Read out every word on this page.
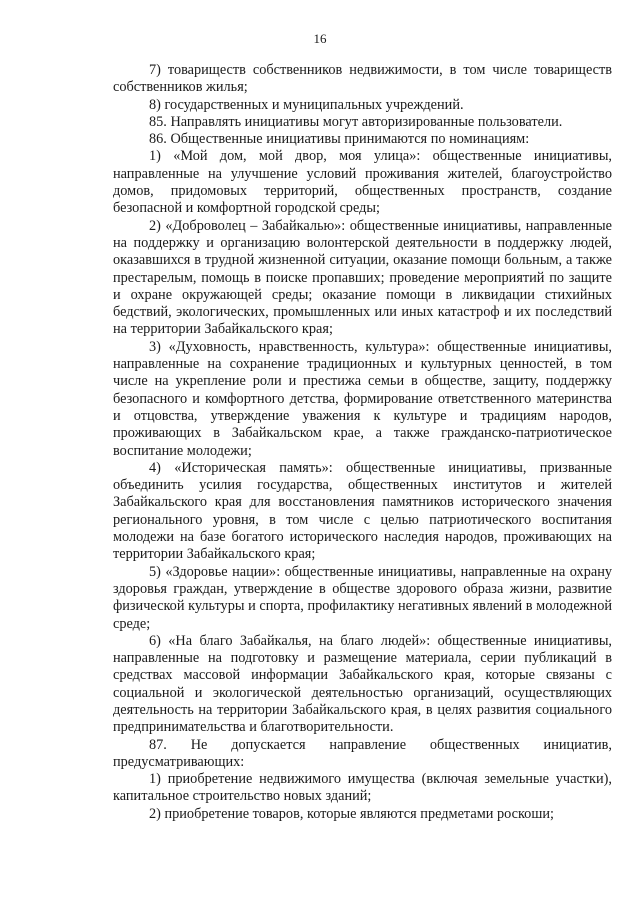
16

7) товариществ собственников недвижимости, в том числе товариществ собственников жилья;

8) государственных и муниципальных учреждений.

85. Направлять инициативы могут авторизированные пользователи.

86. Общественные инициативы принимаются по номинациям:

1) «Мой дом, мой двор, моя улица»: общественные инициативы, направленные на улучшение условий проживания жителей, благоустройство домов, придомовых территорий, общественных пространств, создание безопасной и комфортной городской среды;

2) «Доброволец – Забайкалью»: общественные инициативы, направленные на поддержку и организацию волонтерской деятельности в поддержку людей, оказавшихся в трудной жизненной ситуации, оказание помощи больным, а также престарелым, помощь в поиске пропавших; проведение мероприятий по защите и охране окружающей среды; оказание помощи в ликвидации стихийных бедствий, экологических, промышленных или иных катастроф и их последствий на территории Забайкальского края;

3) «Духовность, нравственность, культура»: общественные инициативы, направленные на сохранение традиционных и культурных ценностей, в том числе на укрепление роли и престижа семьи в обществе, защиту, поддержку безопасного и комфортного детства, формирование ответственного материнства и отцовства, утверждение уважения к культуре и традициям народов, проживающих в Забайкальском крае, а также гражданско-патриотическое воспитание молодежи;

4) «Историческая память»: общественные инициативы, призванные объединить усилия государства, общественных институтов и жителей Забайкальского края для восстановления памятников исторического значения регионального уровня, в том числе с целью патриотического воспитания молодежи на базе богатого исторического наследия народов, проживающих на территории Забайкальского края;

5) «Здоровье нации»: общественные инициативы, направленные на охрану здоровья граждан, утверждение в обществе здорового образа жизни, развитие физической культуры и спорта, профилактику негативных явлений в молодежной среде;

6) «На благо Забайкалья, на благо людей»: общественные инициативы, направленные на подготовку и размещение материала, серии публикаций в средствах массовой информации Забайкальского края, которые связаны с социальной и экологической деятельностью организаций, осуществляющих деятельность на территории Забайкальского края, в целях развития социального предпринимательства и благотворительности.

87. Не допускается направление общественных инициатив, предусматривающих:

1) приобретение недвижимого имущества (включая земельные участки), капитальное строительство новых зданий;

2) приобретение товаров, которые являются предметами роскоши;
